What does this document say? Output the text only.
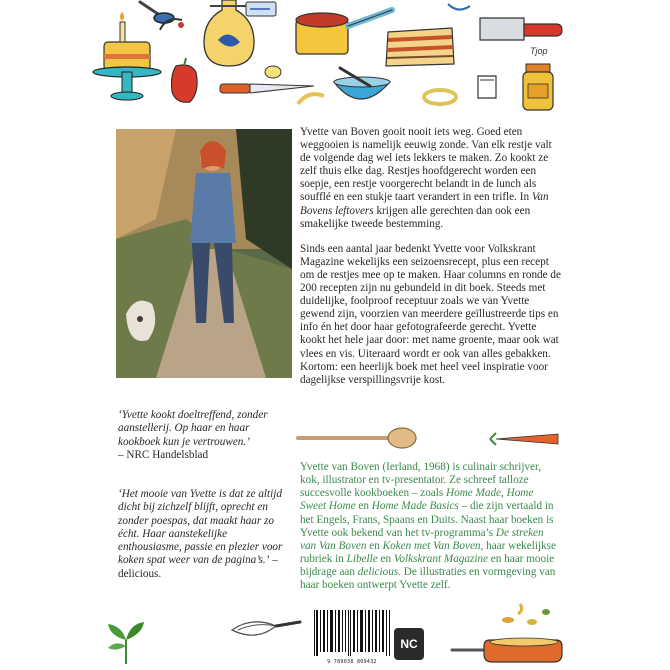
Tjop

Yvette van Boven gooit nooit iets weg. Goed eten weggooien is namelijk eeuwig zonde. Van elk restje valt de volgende dag wel iets lekkers te maken. Zo kookt ze zelf thuis elke dag. Restjes hoofdgerecht worden een soepje, een restje voorgerecht belandt in de lunch als soufflé en een stukje taart verandert in een trifle. In Van Bovens leftovers krijgen alle gerechten dan ook een smakelijke tweede bestemming.

Sinds een aantal jaar bedenkt Yvette voor Volkskrant Magazine wekelijks een seizoensrecept, plus een recept om de restjes mee op te maken. Haar columns en ronde de 200 recepten zijn nu gebundeld in dit boek. Steeds met duidelijke, foolproof receptuur zoals we van Yvette gewend zijn, voorzien van meerdere geïllustreerde tips en info én het door haar gefotografeerde gerecht. Yvette kookt het hele jaar door: met name groente, maar ook wat vlees en vis. Uiteraard wordt er ook van alles gebakken. Kortom: een heerlijk boek met heel veel inspiratie voor dagelijkse verspillingsvrije kost.

‘Yvette kookt doeltreffend, zonder aanstellerij. Op haar en haar kookboek kun je vertrouwen.’
– NRC Handelsblad
‘Het mooie van Yvette is dat ze altijd dicht bij zichzelf blijft, oprecht en zonder poespas, dat maakt haar zo écht. Haar aanstekelijke enthousiasme, passie en plezier voor koken spat weer van de pagina’s.’ – delicious.

Yvette van Boven (Ierland, 1968) is culinair schrijver, kok, illustrator en tv-presentator. Ze schreef talloze succesvolle kookboeken – zoals Home Made, Home Sweet Home en Home Made Basics – die zijn vertaald in het Engels, Frans, Spaans en Duits. Naast haar boeken is Yvette ook bekend van het tv-programma’s De streken van Van Boven en Koken met Van Boven, haar wekelijkse rubriek in Libelle en Volkskrant Magazine en haar mooie bijdrage aan delicious. De illustraties en vormgeving van haar boeken ontwerpt Yvette zelf.

9 789038 809432
NC
